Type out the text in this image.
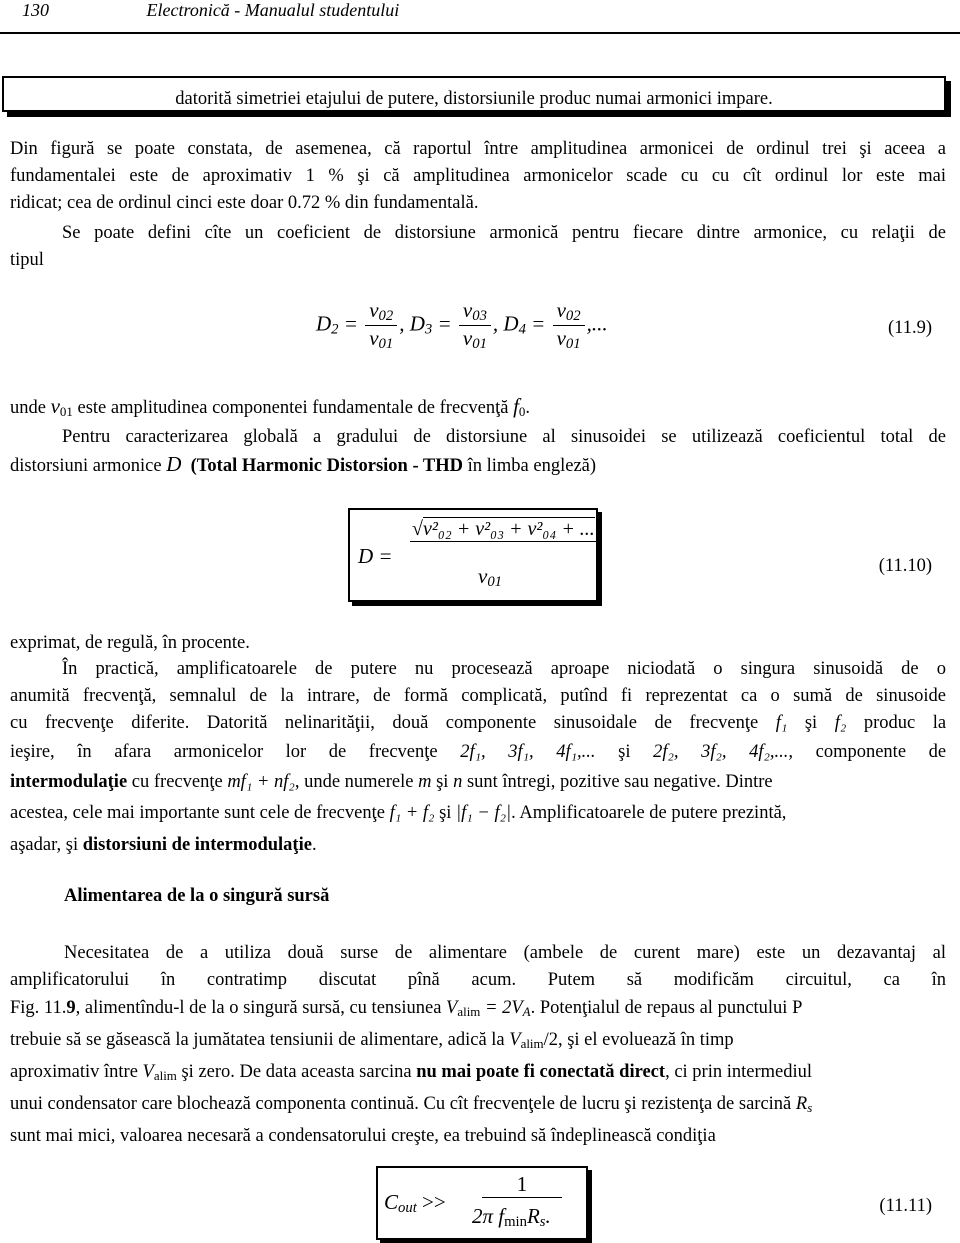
130	Electronică - Manualul studentului
datorită simetriei etajului de putere, distorsiunile produc numai armonici impare.
Din figură se poate constata, de asemenea, că raportul între amplitudinea armonicei de ordinul trei şi aceea a
fundamentalei este de aproximativ 1 % şi că amplitudinea armonicelor scade cu cu cît ordinul lor este mai
ridicat; cea de ordinul cinci este doar 0.72 % din fundamentală.
Se poate defini cîte un coeficient de distorsiune armonică pentru fiecare dintre armonice, cu relaţii de
tipul
$D_2 = \frac{v_{02}}{v_{01}}$ , $D_3 = \frac{v_{03}}{v_{01}}$ , $D_4 = \frac{v_{02}}{v_{01}}$ ,...	(11.9)
unde $v_{01}$ este amplitudinea componentei fundamentale de frecvenţă $f_0$.
Pentru caracterizarea globală a gradului de distorsiune al sinusoidei se utilizează coeficientul total de
distorsiuni armonice D (Total Harmonic Distorsion - THD în limba engleză)
D =
√v²₀₂ + v²₀₃ + v²₀₄ + ...
$v_{01}$
(11.10)
exprimat, de regulă, în procente.
În practică, amplificatoarele de putere nu procesează aproape niciodată o singura sinusoidă de o
anumită frecvenţă, semnalul de la intrare, de formă complicată, putînd fi reprezentat ca o sumă de sinusoide
cu frecvenţe diferite. Datorită nelinarităţii, două componente sinusoidale de frecvenţe f₁ şi f₂ produc la
ieşire, în afara armonicelor lor de frecvenţe 2f₁, 3f₁, 4f₁,... şi 2f₂, 3f₂, 4f₂,..., componente de
intermodulaţie cu frecvenţe mf₁ + nf₂, unde numerele m şi n sunt întregi, pozitive sau negative. Dintre
acestea, cele mai importante sunt cele de frecvenţe f₁ + f₂ şi |f₁ − f₂|. Amplificatoarele de putere prezintă,
aşadar, şi distorsiuni de intermodulaţie.
Alimentarea de la o singură sursă
Necesitatea de a utiliza două surse de alimentare (ambele de curent mare) este un dezavantaj al
amplificatorului în contratimp discutat pînă acum. Putem să modificăm circuitul, ca în
Fig. 11.9, alimentîndu-l de la o singură sursă, cu tensiunea $V_{alim} = 2V_A$. Potenţialul de repaus al punctului P
trebuie să se găsească la jumătatea tensiunii de alimentare, adică la $V_{alim}/2$, şi el evoluează în timp
aproximativ între $V_{alim}$ şi zero. De data aceasta sarcina nu mai poate fi conectată direct, ci prin intermediul
unui condensator care blochează componenta continuă. Cu cît frecvenţele de lucru şi rezistenţa de sarcină $R_s$
sunt mai mici, valoarea necesară a condensatorului creşte, ea trebuind să îndeplinească condiţia
$C_{out}$ >>
1
2π $f_{min}R_s$.	(11.11)
